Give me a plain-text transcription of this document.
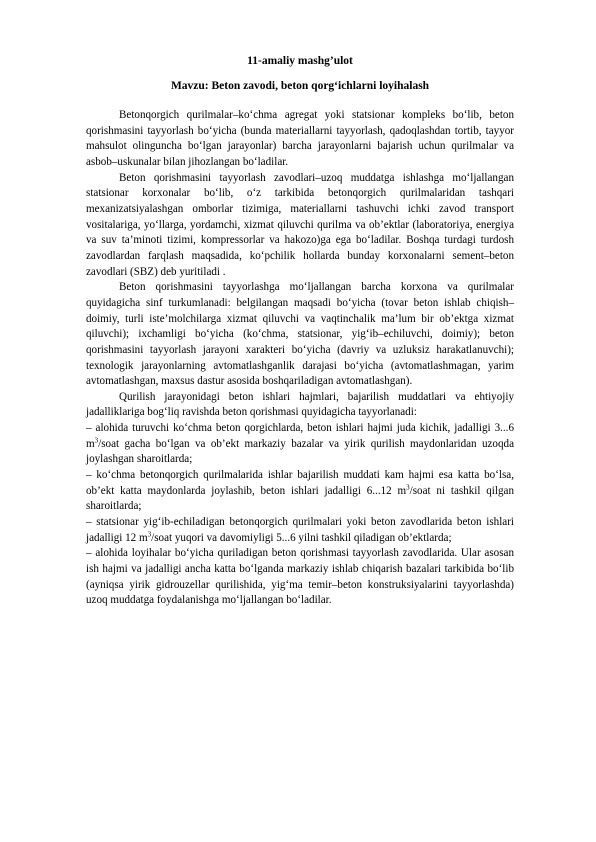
11-amaliy mashg’ulot

Mavzu: Beton zavodi, beton qorg‘ichlarni loyihalash

Betonqorgich qurilmalar–ko‘chma agregat yoki statsionar kompleks bo‘lib, beton qorishmasini tayyorlash bo‘yicha (bunda materiallarni tayyorlash, qadoqlashdan tortib, tayyor mahsulot olinguncha bo‘lgan jarayonlar) barcha jarayonlarni bajarish uchun qurilmalar va asbob–uskunalar bilan jihozlangan bo‘ladilar.

Beton qorishmasini tayyorlash zavodlari–uzoq muddatga ishlashga mo‘ljallangan statsionar korxonalar bo‘lib, o‘z tarkibida betonqorgich qurilmalaridan tashqari mexanizatsiyalashgan omborlar tizimiga, materiallarni tashuvchi ichki zavod transport vositalariga, yo‘llarga, yordamchi, xizmat qiluvchi qurilma va ob’ektlar (laboratoriya, energiya va suv ta’minoti tizimi, kompressorlar va hakozo)ga ega bo‘ladilar. Boshqa turdagi turdosh zavodlardan farqlash maqsadida, ko‘pchilik hollarda bunday korxonalarni sement–beton zavodlari (SBZ) deb yuritiladi .

Beton qorishmasini tayyorlashga mo‘ljallangan barcha korxona va qurilmalar quyidagicha sinf turkumlanadi: belgilangan maqsadi bo‘yicha (tovar beton ishlab chiqish–doimiy, turli iste’molchilarga xizmat qiluvchi va vaqtinchalik ma’lum bir ob’ektga xizmat qiluvchi); ixchamligi bo‘yicha (ko‘chma, statsionar, yig‘ib–echiluvchi, doimiy); beton qorishmasini tayyorlash jarayoni xarakteri bo‘yicha (davriy va uzluksiz harakatlanuvchi); texnologik jarayonlarning avtomatlashganlik darajasi bo‘yicha (avtomatlashmagan, yarim avtomatlashgan, maxsus dastur asosida boshqariladigan avtomatlashgan).

Qurilish jarayonidagi beton ishlari hajmlari, bajarilish muddatlari va ehtiyojiy jadalliklariga bog‘liq ravishda beton qorishmasi quyidagicha tayyorlanadi:

– alohida turuvchi ko‘chma beton qorgichlarda, beton ishlari hajmi juda kichik, jadalligi 3...6 $m^3$/soat gacha bo‘lgan va ob’ekt markaziy bazalar va yirik qurilish maydonlaridan uzoqda joylashgan sharoitlarda;

– ko‘chma betonqorgich qurilmalarida ishlar bajarilish muddati kam hajmi esa katta bo‘lsa, ob’ekt katta maydonlarda joylashib, beton ishlari jadalligi 6...12 $m^3$/soat ni tashkil qilgan sharoitlarda;

– statsionar yig‘ib-echiladigan betonqorgich qurilmalari yoki beton zavodlarida beton ishlari jadalligi 12 $m^3$/soat yuqori va davomiyligi 5...6 yilni tashkil qiladigan ob’ektlarda;

– alohida loyihalar bo‘yicha quriladigan beton qorishmasi tayyorlash zavodlarida. Ular asosan ish hajmi va jadalligi ancha katta bo‘lganda markaziy ishlab chiqarish bazalari tarkibida bo‘lib (ayniqsa yirik gidrouzellar qurilishida, yig‘ma temir–beton konstruksiyalarini tayyorlashda) uzoq muddatga foydalanishga mo‘ljallangan bo‘ladilar.
